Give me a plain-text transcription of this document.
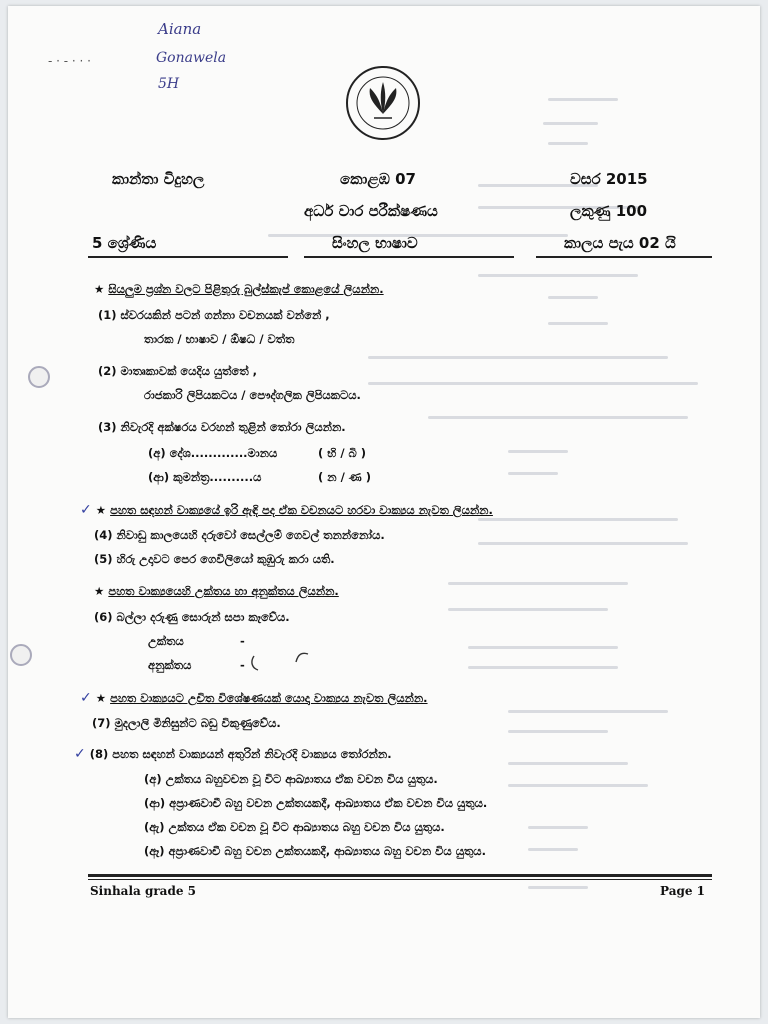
Aiana
Gonawela
5H
- · - · · ·
කාන්තා විදුහල	කොළඹ 07	වසර 2015
අර්ධ වාර පරීක්ෂණය	ලකුණු 100
5 ශ්‍රේණිය	සිංහල භාෂාව	කාලය පැය 02 යි
★ සියලුම ප්‍රශ්න වලට පිළිතුරු බුල්ස්කැප් කොළයේ ලියන්න.
(1) ස්වරයකින් පටන් ගන්නා වචනයක් වන්නේ ,
තාරක / භාෂාව / ඕෂධ / වත්ත
(2) මාතෘකාවක් යෙදිය යුත්තේ ,
රාජකාරි ලිපියකටය / පෞද්ගලික ලිපියකටය.
(3) නිවැරදි අක්ෂරය වරහන් තුළින් තෝරා ලියන්න.
(අ) දේශ.............මානය	( භි / බි )
(ආ) කුමන්ත්‍ර..........ය	( න / ණ )
✓ ★ පහත සඳහන් වාක්‍යයේ ඉරි ඇඳි පද ඒක වචනයට හරවා වාක්‍යය නැවත ලියන්න.
(4) නිවාඩු කාලයෙහි දරුවෝ සෙල්ලම් ගෙවල් තනන්නෝය.
(5) හිරු උදාවට පෙර ගෙවිලියෝ කුඹුරු කරා යති.
★ පහත වාක්‍යයෙහි උක්තය හා අනුක්තය ලියන්න.
(6) බල්ලා දරුණු සොරුන් සපා කෑවේය.
උක්තය	-
අනුක්තය	-
✓ ★ පහත වාක්‍යයට උචිත විශේෂණයක් යොදා වාක්‍යය නැවත ලියන්න.
(7) මුදලාලි මිනිසුන්ට බඩු විකුණුවේය.
✓ (8) පහත සඳහන් වාක්‍යයන් අතුරින් නිවැරදි වාක්‍යය තෝරන්න.
(අ) උක්තය බහුවචන වූ විට ආඛ්‍යාතය ඒක වචන විය යුතුය.
(ආ) අප්‍රාණවාචී බහු වචන උක්තයකදී, ආඛ්‍යාතය ඒක වචන විය යුතුය.
(ඇ) උක්තය ඒක වචන වූ විට ආඛ්‍යාතය බහු වචන විය යුතුය.
(ඈ) අප්‍රාණවාචී බහු වචන උක්තයකදී, ආඛ්‍යාතය බහු වචන විය යුතුය.
Sinhala grade 5	Page 1
